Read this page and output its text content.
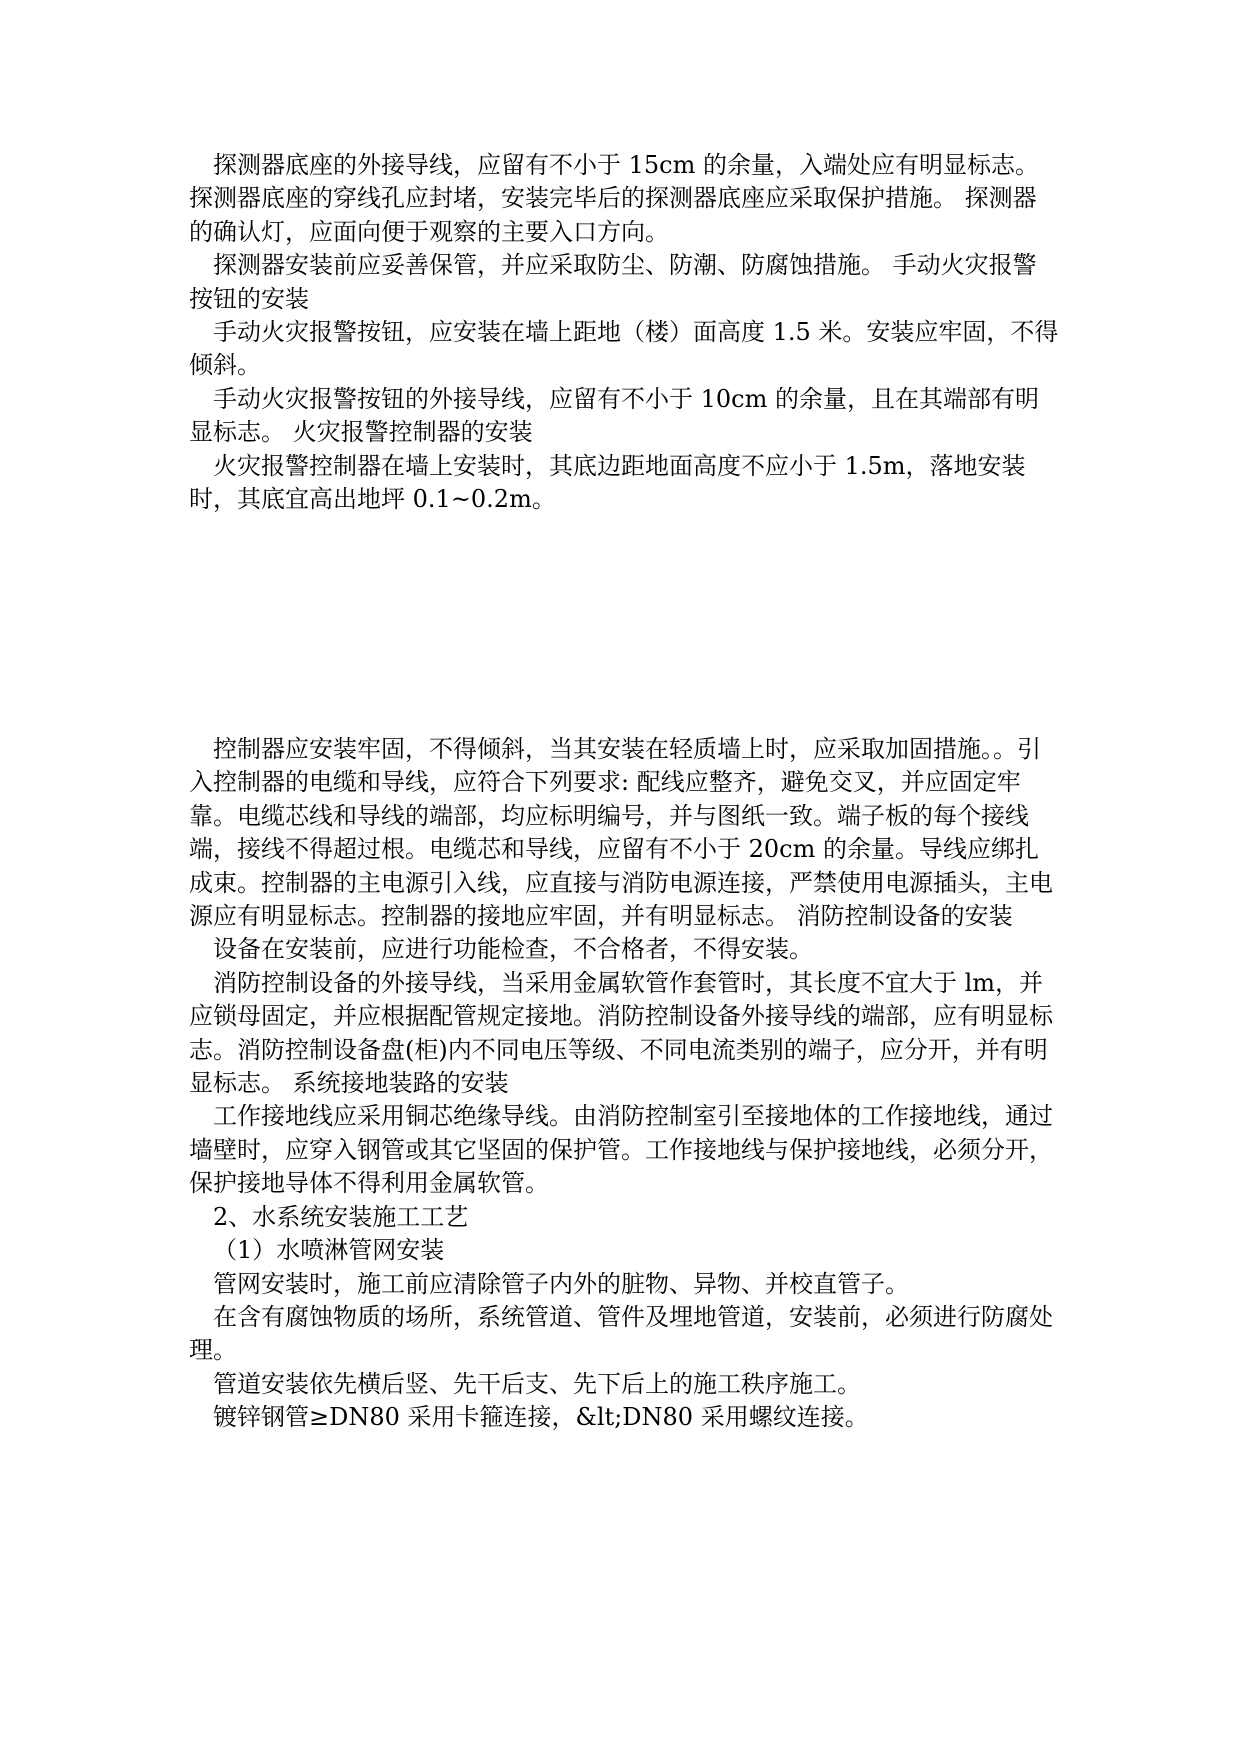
探测器底座的外接导线，应留有不小于 15cm 的余量，入端处应有明显标志。探测器底座的穿线孔应封堵，安装完毕后的探测器底座应采取保护措施。 探测器的确认灯，应面向便于观察的主要入口方向。

探测器安装前应妥善保管，并应采取防尘、防潮、防腐蚀措施。 手动火灾报警按钮的安装

手动火灾报警按钮，应安装在墙上距地（楼）面高度 1.5 米。安装应牢固，不得倾斜。

手动火灾报警按钮的外接导线，应留有不小于 10cm 的余量，且在其端部有明显标志。 火灾报警控制器的安装

火灾报警控制器在墙上安装时，其底边距地面高度不应小于 1.5m，落地安装时，其底宜高出地坪 0.1~0.2m。

控制器应安装牢固，不得倾斜，当其安装在轻质墙上时，应采取加固措施。。引入控制器的电缆和导线，应符合下列要求: 配线应整齐，避免交叉，并应固定牢靠。电缆芯线和导线的端部，均应标明编号，并与图纸一致。端子板的每个接线端，接线不得超过根。电缆芯和导线，应留有不小于 20cm 的余量。导线应绑扎成束。控制器的主电源引入线，应直接与消防电源连接，严禁使用电源插头，主电源应有明显标志。控制器的接地应牢固，并有明显标志。 消防控制设备的安装

设备在安装前，应进行功能检查，不合格者，不得安装。

消防控制设备的外接导线，当采用金属软管作套管时，其长度不宜大于 lm，并应锁母固定，并应根据配管规定接地。消防控制设备外接导线的端部，应有明显标志。消防控制设备盘(柜)内不同电压等级、不同电流类别的端子，应分开，并有明显标志。 系统接地装路的安装

工作接地线应采用铜芯绝缘导线。由消防控制室引至接地体的工作接地线，通过墙壁时，应穿入钢管或其它坚固的保护管。工作接地线与保护接地线，必须分开，保护接地导体不得利用金属软管。

2、水系统安装施工工艺

（1）水喷淋管网安装

管网安装时，施工前应清除管子内外的脏物、异物、并校直管子。

在含有腐蚀物质的场所，系统管道、管件及埋地管道，安装前，必须进行防腐处理。

管道安装依先横后竖、先干后支、先下后上的施工秩序施工。

镀锌钢管≥DN80 采用卡箍连接，&lt;DN80 采用螺纹连接。
